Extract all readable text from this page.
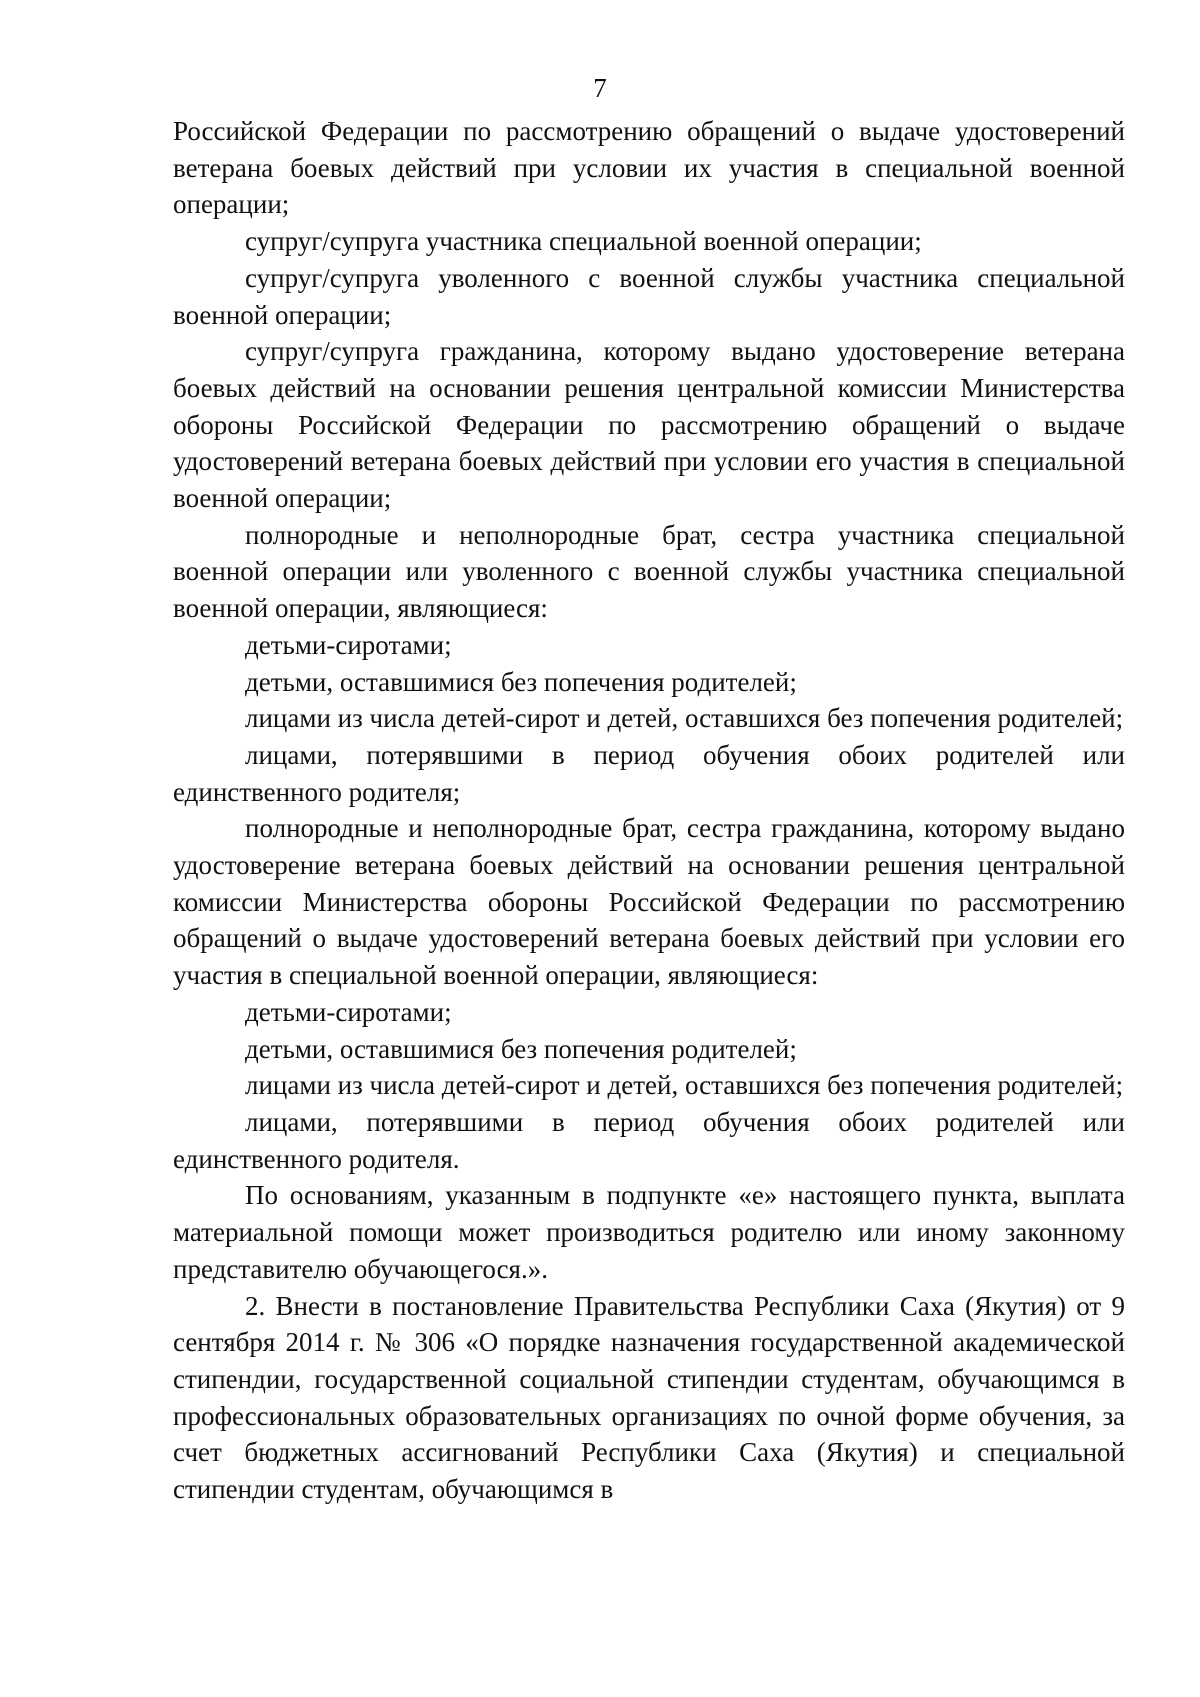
7

Российской Федерации по рассмотрению обращений о выдаче удостоверений ветерана боевых действий при условии их участия в специальной военной операции;

супруг/супруга участника специальной военной операции;

супруг/супруга уволенного с военной службы участника специальной военной операции;

супруг/супруга гражданина, которому выдано удостоверение ветерана боевых действий на основании решения центральной комиссии Министерства обороны Российской Федерации по рассмотрению обращений о выдаче удостоверений ветерана боевых действий при условии его участия в специальной военной операции;

полнородные и неполнородные брат, сестра участника специальной военной операции или уволенного с военной службы участника специальной военной операции, являющиеся:

детьми-сиротами;

детьми, оставшимися без попечения родителей;

лицами из числа детей-сирот и детей, оставшихся без попечения родителей;

лицами, потерявшими в период обучения обоих родителей или единственного родителя;

полнородные и неполнородные брат, сестра гражданина, которому выдано удостоверение ветерана боевых действий на основании решения центральной комиссии Министерства обороны Российской Федерации по рассмотрению обращений о выдаче удостоверений ветерана боевых действий при условии его участия в специальной военной операции, являющиеся:

детьми-сиротами;

детьми, оставшимися без попечения родителей;

лицами из числа детей-сирот и детей, оставшихся без попечения родителей;

лицами, потерявшими в период обучения обоих родителей или единственного родителя.

По основаниям, указанным в подпункте «е» настоящего пункта, выплата материальной помощи может производиться родителю или иному законному представителю обучающегося.».

2. Внести в постановление Правительства Республики Саха (Якутия) от 9 сентября 2014 г. № 306 «О порядке назначения государственной академической стипендии, государственной социальной стипендии студентам, обучающимся в профессиональных образовательных организациях по очной форме обучения, за счет бюджетных ассигнований Республики Саха (Якутия) и специальной стипендии студентам, обучающимся в
